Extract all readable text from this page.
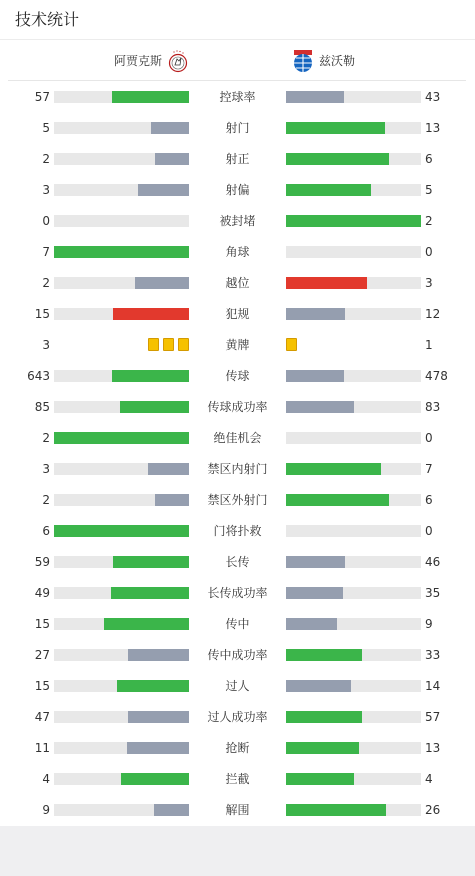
技术统计
阿贾克斯	兹沃勒
57	控球率	43
5	射门	13
2	射正	6
3	射偏	5
0	被封堵	2
7	角球	0
2	越位	3
15	犯规	12
3	黄牌	1
643	传球	478
85	传球成功率	83
2	绝佳机会	0
3	禁区内射门	7
2	禁区外射门	6
6	门将扑救	0
59	长传	46
49	长传成功率	35
15	传中	9
27	传中成功率	33
15	过人	14
47	过人成功率	57
11	抢断	13
4	拦截	4
9	解围	26
